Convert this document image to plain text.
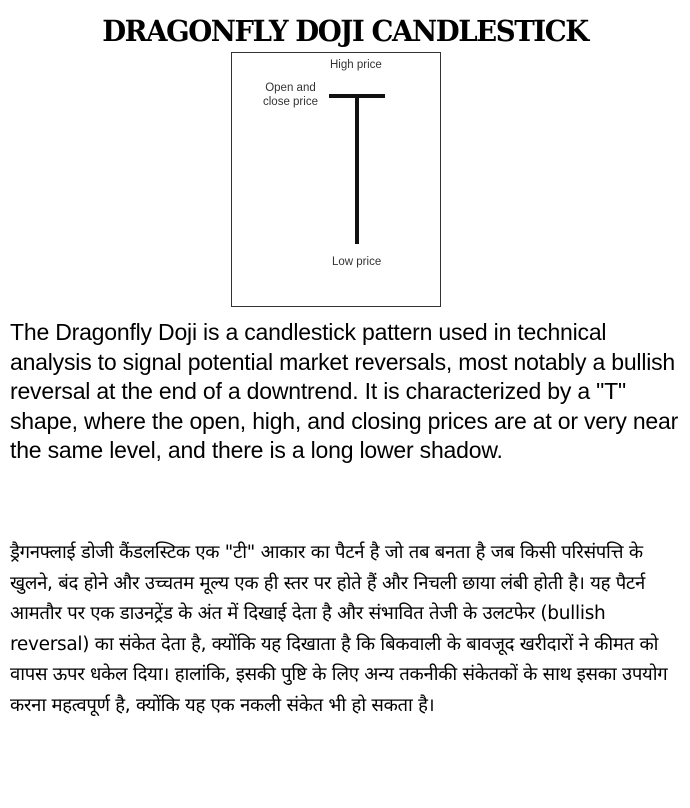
DRAGONFLY DOJI CANDLESTICK
High price
Open and
close price
Low price

The Dragonfly Doji is a candlestick pattern used in technical analysis to signal potential market reversals, most notably a bullish reversal at the end of a downtrend. It is characterized by a "T" shape, where the open, high, and closing prices are at or very near the same level, and there is a long lower shadow.

ड्रैगनफ्लाई डोजी कैंडलस्टिक एक "टी" आकार का पैटर्न है जो तब बनता है जब किसी परिसंपत्ति के खुलने, बंद होने और उच्चतम मूल्य एक ही स्तर पर होते हैं और निचली छाया लंबी होती है। यह पैटर्न आमतौर पर एक डाउनट्रेंड के अंत में दिखाई देता है और संभावित तेजी के उलटफेर (bullish reversal) का संकेत देता है, क्योंकि यह दिखाता है कि बिकवाली के बावजूद खरीदारों ने कीमत को वापस ऊपर धकेल दिया। हालांकि, इसकी पुष्टि के लिए अन्य तकनीकी संकेतकों के साथ इसका उपयोग करना महत्वपूर्ण है, क्योंकि यह एक नकली संकेत भी हो सकता है।
